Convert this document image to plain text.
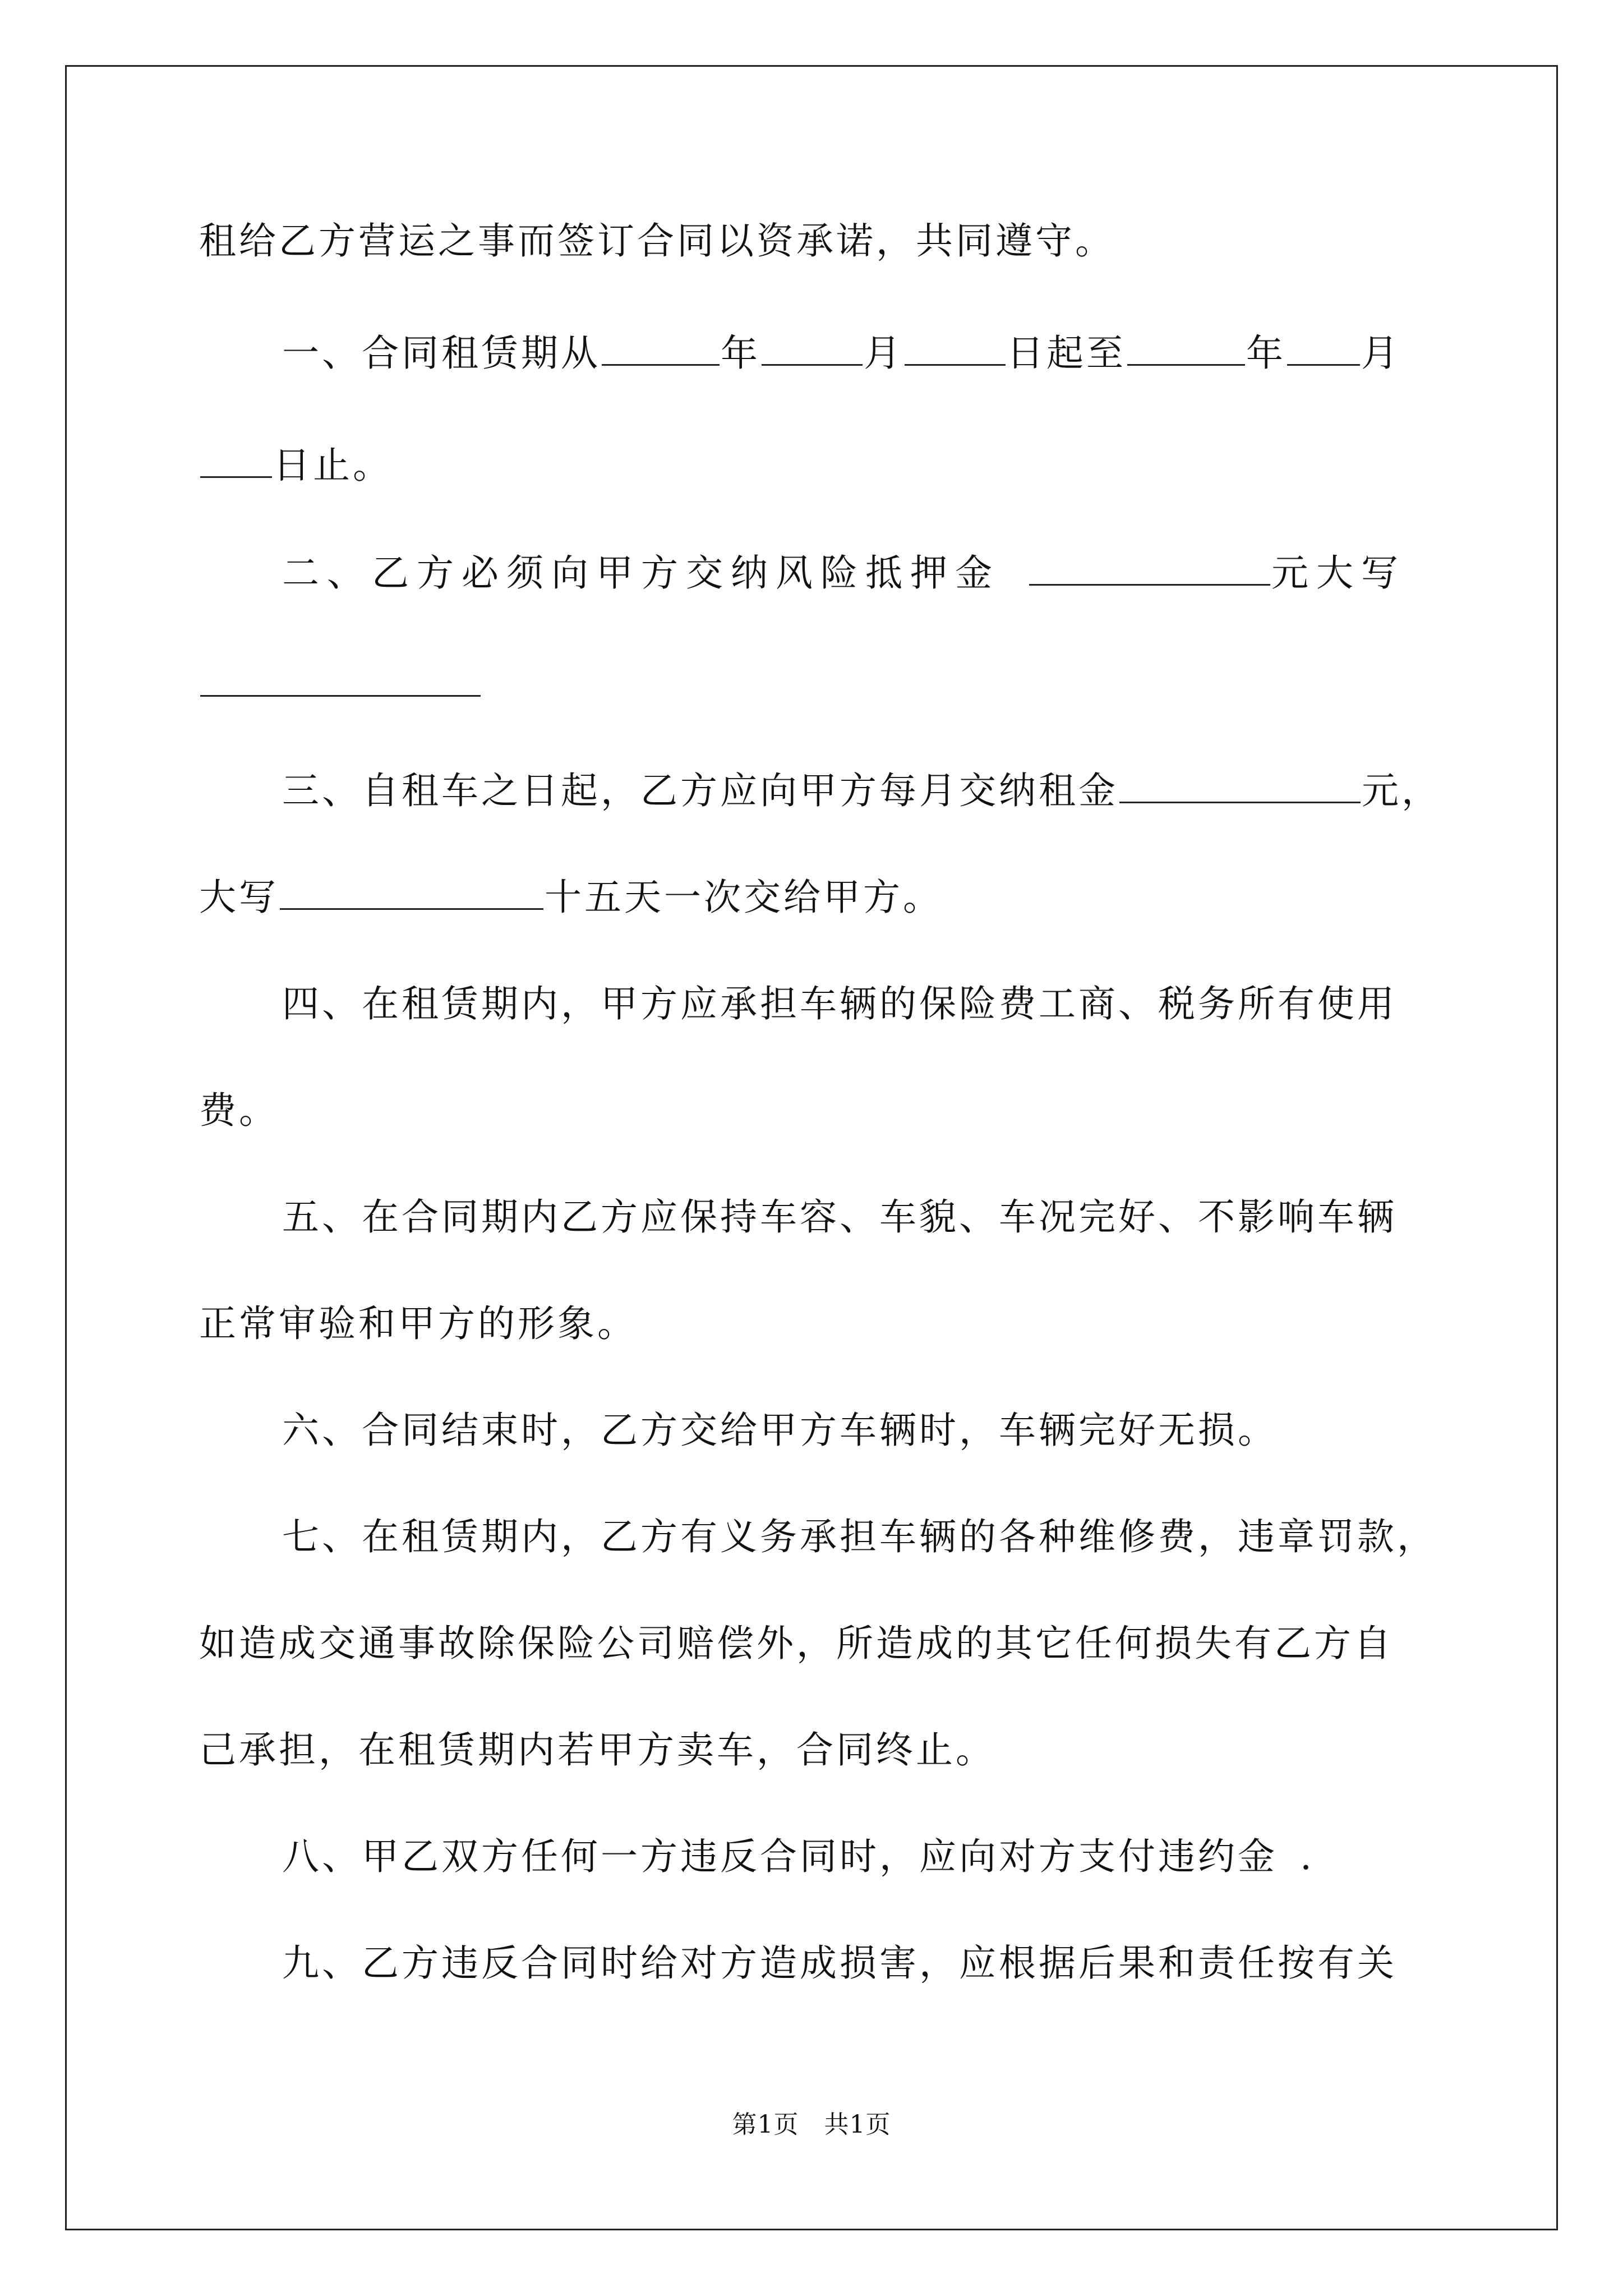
租给乙方营运之事而签订合同以资承诺，共同遵守。
一、合同租赁期从	年	月	日起至	年 月
日止。
二、乙方必须向甲方交纳风险抵押金	元大写
三、自租车之日起，乙方应向甲方每月交纳租金	元，
大写	十五天一次交给甲方。
四、在租赁期内，甲方应承担车辆的保险费工商、税务所有使用
费。
五、在合同期内乙方应保持车容、车貌、车况完好、不影响车辆
正常审验和甲方的形象。
六、合同结束时，乙方交给甲方车辆时，车辆完好无损。
七、在租赁期内，乙方有义务承担车辆的各种维修费，违章罚款，
如造成交通事故除保险公司赔偿外，所造成的其它任何损失有乙方自
己承担，在租赁期内若甲方卖车，合同终止。
八、甲乙双方任何一方违反合同时，应向对方支付违约金 .
九、乙方违反合同时给对方造成损害，应根据后果和责任按有关
第1页　共1页
